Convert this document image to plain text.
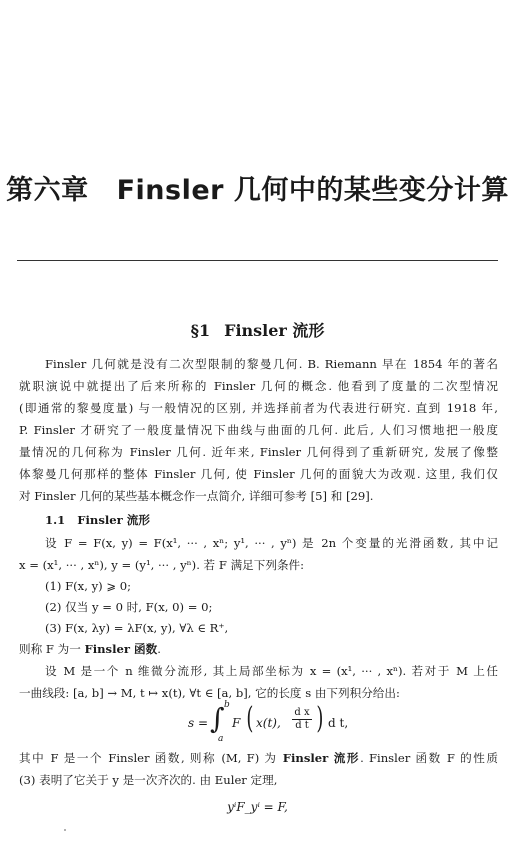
第六章 Finsler 几何中的某些变分计算
§1 Finsler 流形
Finsler 几何就是没有二次型限制的黎曼几何. B. Riemann 早在 1854 年的著名
就职演说中就提出了后来所称的 Finsler 几何的概念. 他看到了度量的二次型情况
(即通常的黎曼度量) 与一般情况的区别, 并选择前者为代表进行研究. 直到 1918 年,
P. Finsler 才研究了一般度量情况下曲线与曲面的几何. 此后, 人们习惯地把一般度
量情况的几何称为 Finsler 几何. 近年来, Finsler 几何得到了重新研究, 发展了像整
体黎曼几何那样的整体 Finsler 几何, 使 Finsler 几何的面貌大为改观. 这里, 我们仅
对 Finsler 几何的某些基本概念作一点简介, 详细可参考 [5] 和 [29].
1.1 Finsler 流形
设 F = F(x, y) = F(x¹, ··· , xⁿ; y¹, ··· , yⁿ) 是 2n 个变量的光滑函数, 其中记
x = (x¹, ··· , xⁿ), y = (y¹, ··· , yⁿ). 若 F 满足下列条件:
(1) F(x, y) ⩾ 0;
(2) 仅当 y = 0 时, F(x, 0) = 0;
(3) F(x, λy) = λF(x, y), ∀λ ∈ R⁺,
则称 F 为一 Finsler 函数.
设 M 是一个 n 维微分流形, 其上局部坐标为 x = (x¹, ··· , xⁿ). 若对于 M 上任
一曲线段: [a, b] → M, t ↦ x(t), ∀t ∈ [a, b], 它的长度 s 由下列积分给出:
s = ∫ b
a
F ( x(t), $\frac{\text{d x}}{\text{d t}}$ ) d t,
其中 F 是一个 Finsler 函数, 则称 (M, F) 为 Finsler 流形. Finsler 函数 F 的性质
(3) 表明了它关于 y 是一次齐次的. 由 Euler 定理,
yⁱF_yⁱ = F,
